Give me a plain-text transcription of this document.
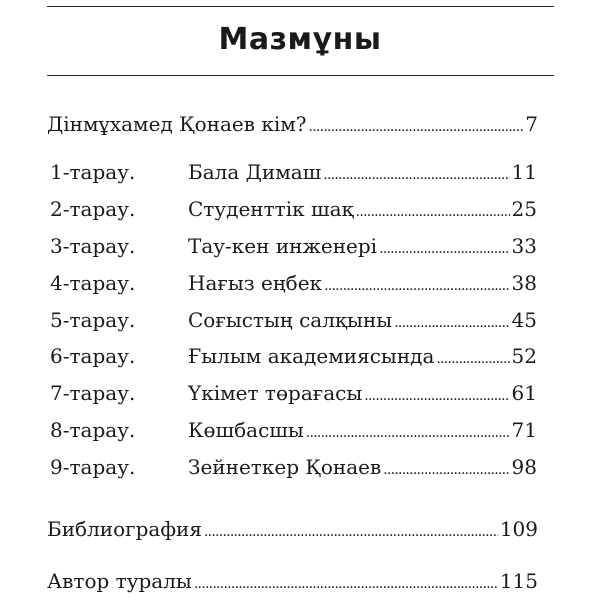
Мазмұны
Дінмұхамед Қонаев кім? . . .	7
1-тарау.	Бала Димаш . . .	11
2-тарау.	Студенттік шақ . . .	25
3-тарау.	Тау-кен инженері . . .	33
4-тарау.	Нағыз еңбек . . .	38
5-тарау.	Соғыстың салқыны . . .	45
6-тарау.	Ғылым академиясында . . .	52
7-тарау.	Үкімет төрағасы . . .	61
8-тарау.	Көшбасшы . . .	71
9-тарау.	Зейнеткер Қонаев . . .	98
Библиография . . .	109
Автор туралы . . .	115
